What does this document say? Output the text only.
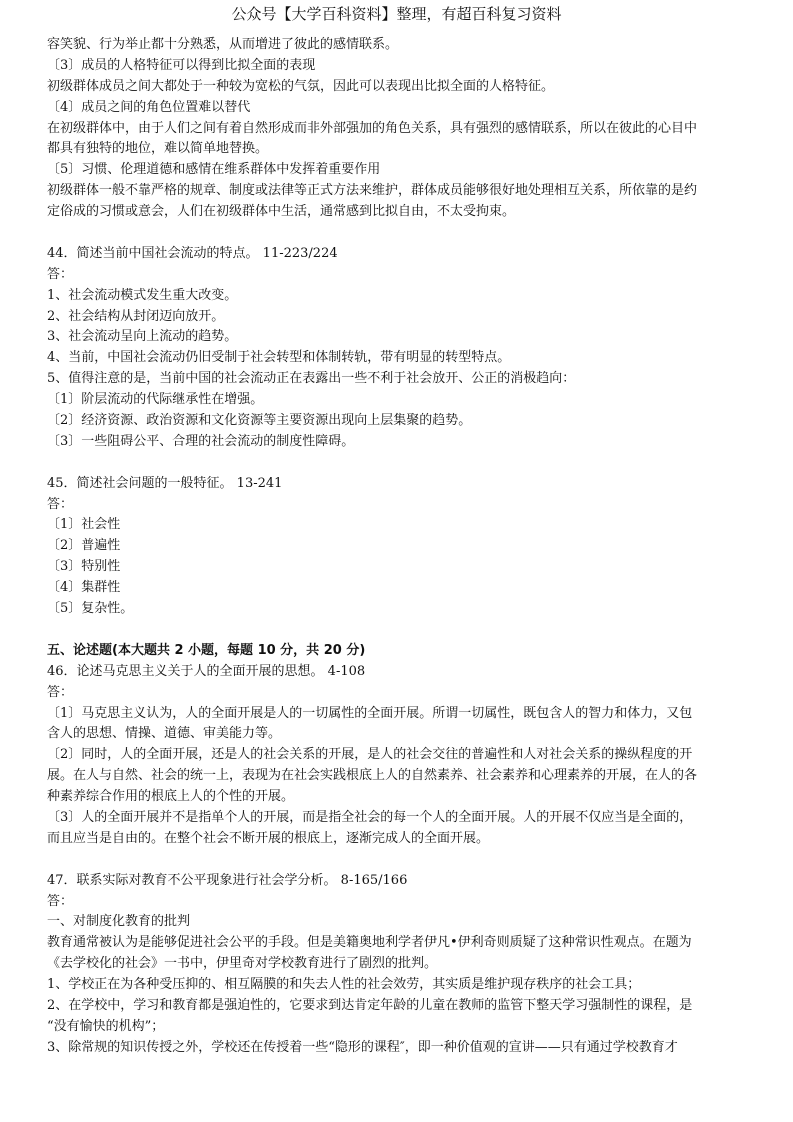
公众号【大学百科资料】整理，有超百科复习资料
容笑貌、行为举止都十分熟悉，从而增进了彼此的感情联系。
〔3〕成员的人格特征可以得到比拟全面的表现
初级群体成员之间大都处于一种较为宽松的气氛，因此可以表现出比拟全面的人格特征。
〔4〕成员之间的角色位置难以替代
在初级群体中，由于人们之间有着自然形成而非外部强加的角色关系，具有强烈的感情联系，所以在彼此的心目中
都具有独特的地位，难以简单地替换。
〔5〕习惯、伦理道德和感情在维系群体中发挥着重要作用
初级群体一般不靠严格的规章、制度或法律等正式方法来维护，群体成员能够很好地处理相互关系，所依靠的是约
定俗成的习惯或意会，人们在初级群体中生活，通常感到比拟自由，不太受拘束。
44．简述当前中国社会流动的特点。 11-223/224
答：
1、社会流动模式发生重大改变。
2、社会结构从封闭迈向放开。
3、社会流动呈向上流动的趋势。
4、当前，中国社会流动仍旧受制于社会转型和体制转轨，带有明显的转型特点。
5、值得注意的是，当前中国的社会流动正在表露出一些不利于社会放开、公正的消极趋向：
〔1〕阶层流动的代际继承性在增强。
〔2〕经济资源、政治资源和文化资源等主要资源出现向上层集聚的趋势。
〔3〕一些阻碍公平、合理的社会流动的制度性障碍。
45．简述社会问题的一般特征。 13-241
答：
〔1〕社会性
〔2〕普遍性
〔3〕特别性
〔4〕集群性
〔5〕复杂性。
五、论述题(本大题共 2 小题，每题 10 分，共 20 分)
46．论述马克思主义关于人的全面开展的思想。 4-108
答：
〔1〕马克思主义认为，人的全面开展是人的一切属性的全面开展。所谓一切属性，既包含人的智力和体力，又包
含人的思想、情操、道德、审美能力等。
〔2〕同时，人的全面开展，还是人的社会关系的开展，是人的社会交往的普遍性和人对社会关系的操纵程度的开
展。在人与自然、社会的统一上，表现为在社会实践根底上人的自然素养、社会素养和心理素养的开展，在人的各
种素养综合作用的根底上人的个性的开展。
〔3〕人的全面开展并不是指单个人的开展，而是指全社会的每一个人的全面开展。人的开展不仅应当是全面的，
而且应当是自由的。在整个社会不断开展的根底上，逐渐完成人的全面开展。
47．联系实际对教育不公平现象进行社会学分析。 8-165/166
答：
一、对制度化教育的批判
教育通常被认为是能够促进社会公平的手段。但是美籍奥地利学者伊凡•伊利奇则质疑了这种常识性观点。在题为
《去学校化的社会》一书中，伊里奇对学校教育进行了剧烈的批判。
1、学校正在为各种受压抑的、相互隔膜的和失去人性的社会效劳，其实质是维护现存秩序的社会工具；
2、在学校中，学习和教育都是强迫性的，它要求到达肯定年龄的儿童在教师的监管下整天学习强制性的课程，是
“没有愉快的机构”；
3、除常规的知识传授之外，学校还在传授着一些“隐形的课程″，即一种价值观的宣讲——只有通过学校教育才
